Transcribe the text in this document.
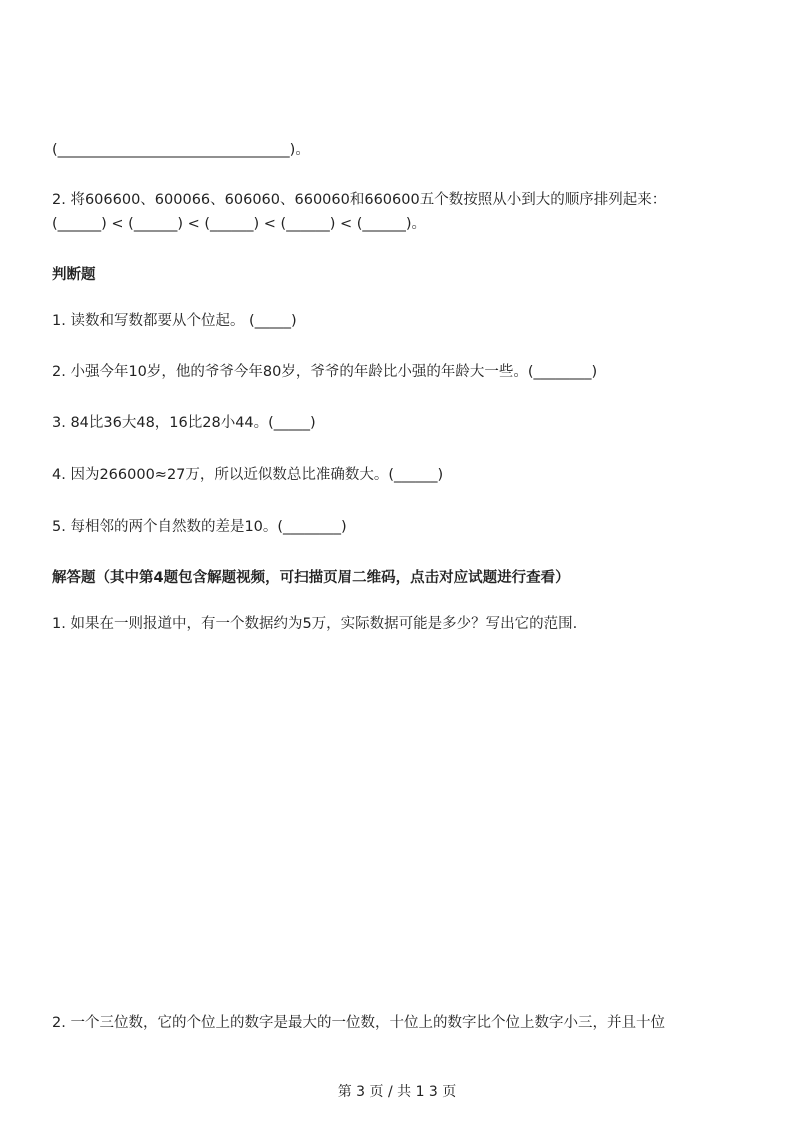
(________________________________)。
2. 将606600、600066、606060、660060和660600五个数按照从小到大的顺序排列起来：
(______) < (______) < (______) < (______) < (______)。
判断题
1. 读数和写数都要从个位起。 (_____)
2. 小强今年10岁，他的爷爷今年80岁，爷爷的年龄比小强的年龄大一些。(________)
3. 84比36大48，16比28小44。(_____)
4. 因为266000≈27万，所以近似数总比准确数大。(______)
5. 每相邻的两个自然数的差是10。(________)
解答题（其中第4题包含解题视频，可扫描页眉二维码，点击对应试题进行查看）
1. 如果在一则报道中，有一个数据约为5万，实际数据可能是多少？写出它的范围.
2. 一个三位数，它的个位上的数字是最大的一位数，十位上的数字比个位上数字小三，并且十位
第 3 页 / 共 1 3 页
